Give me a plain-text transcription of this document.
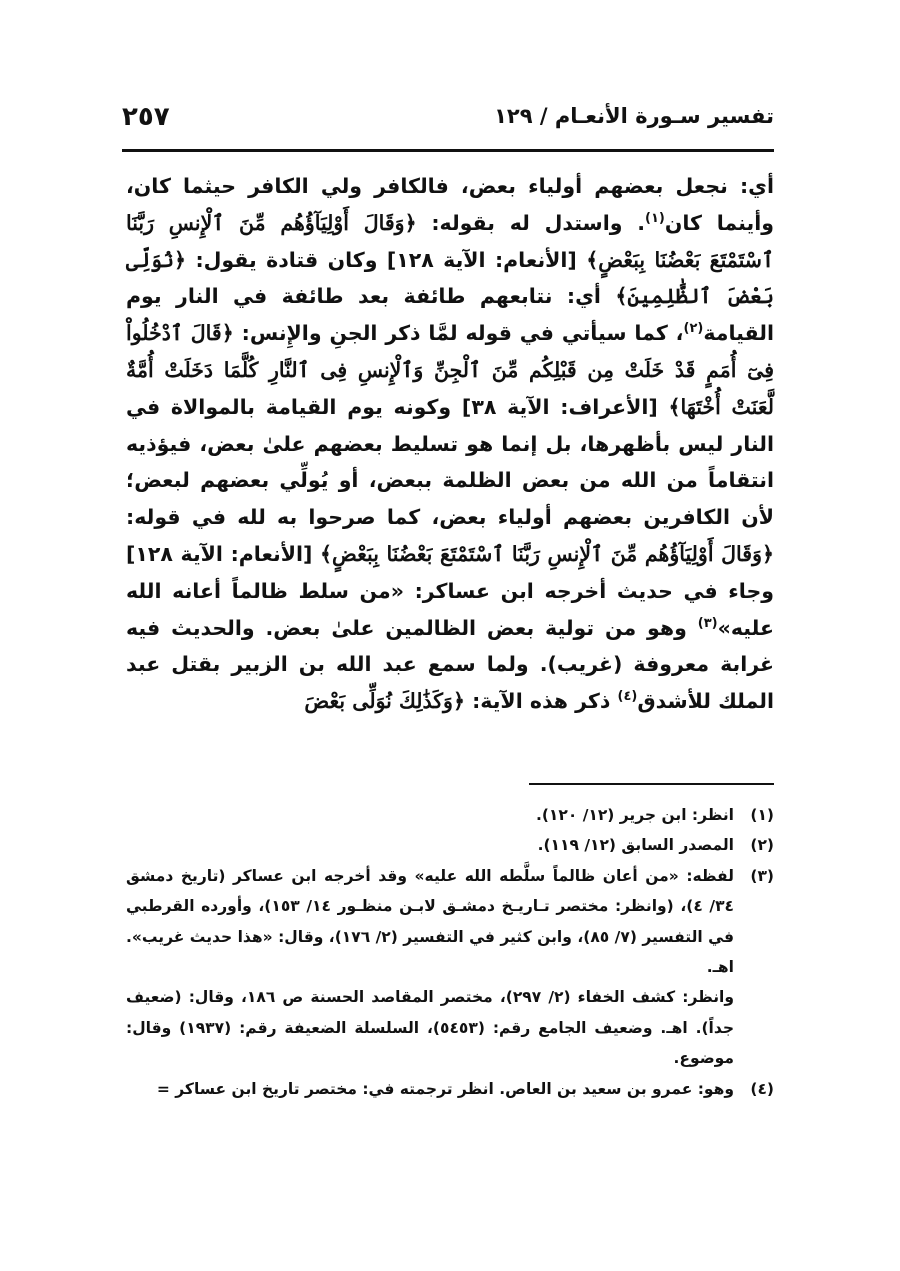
تفسير سـورة الأنعـام / ١٢٩
٢٥٧
أي: نجعل بعضهم أولياء بعض، فالكافر ولي الكافر حيثما كان، وأينما كان$^{(١)}$. واستدل له بقوله: ﴿وَقَالَ أَوْلِيَآؤُهُم مِّنَ ٱلْإِنسِ رَبَّنَا ٱسْتَمْتَعَ بَعْضُنَا بِبَعْضٍ﴾ [الأنعام: الآية ١٢٨] وكان قتادة يقول: ﴿نُوَلِّى بَعْضَ ٱلظَّٰلِمِينَ﴾ أي: نتابعهم طائفة بعد طائفة في النار يوم القيامة$^{(٢)}$، كما سيأتي في قوله لمَّا ذكر الجنِ والإِنس: ﴿قَالَ ٱدْخُلُواْ فِىٓ أُمَمٍ قَدْ خَلَتْ مِن قَبْلِكُم مِّنَ ٱلْجِنِّ وَٱلْإِنسِ فِى ٱلنَّارِ كُلَّمَا دَخَلَتْ أُمَّةٌ لَّعَنَتْ أُخْتَهَا﴾ [الأعراف: الآية ٣٨] وكونه يوم القيامة بالموالاة في النار ليس بأظهرها، بل إنما هو تسليط بعضهم علىٰ بعض، فيؤذيه انتقاماً من الله من بعض الظلمة ببعض، أو يُولِّي بعضهم لبعض؛ لأن الكافرين بعضهم أولياء بعض، كما صرحوا به لله في قوله: ﴿وَقَالَ أَوْلِيَآؤُهُم مِّنَ ٱلْإِنسِ رَبَّنَا ٱسْتَمْتَعَ بَعْضُنَا بِبَعْضٍ﴾ [الأنعام: الآية ١٢٨] وجاء في حديث أخرجه ابن عساكر: «من سلط ظالماً أعانه الله عليه»$^{(٣)}$ وهو من تولية بعض الظالمين علىٰ بعض. والحديث فيه غرابة معروفة (غريب). ولما سمع عبد الله بن الزبير بقتل عبد الملك للأشدق$^{(٤)}$ ذكر هذه الآية: ﴿وَكَذَٰلِكَ نُوَلِّى بَعْضَ
(١)
انظر: ابن جرير (١٢/ ١٢٠).
(٢)
المصدر السابق (١٢/ ١١٩).
(٣)
لفظه: «من أعان ظالماً سلَّطه الله عليه» وقد أخرجه ابن عساكر (تاريخ دمشق ٣٤/ ٤)، (وانظر: مختصر تـاريـخ دمشـق لابـن منظـور ١٤/ ١٥٣)، وأورده القرطبي في التفسير (٧/ ٨٥)، وابن كثير في التفسير (٢/ ١٧٦)، وقال: «هذا حديث غريب». اهـ.
وانظر: كشف الخفاء (٢/ ٢٩٧)، مختصر المقاصد الحسنة ص ١٨٦، وقال: (ضعيف جداً). اهـ. وضعيف الجامع رقم: (٥٤٥٣)، السلسلة الضعيفة رقم: (١٩٣٧) وقال: موضوع.
(٤)
وهو: عمرو بن سعيد بن العاص. انظر ترجمته في: مختصر تاريخ ابن عساكر =
